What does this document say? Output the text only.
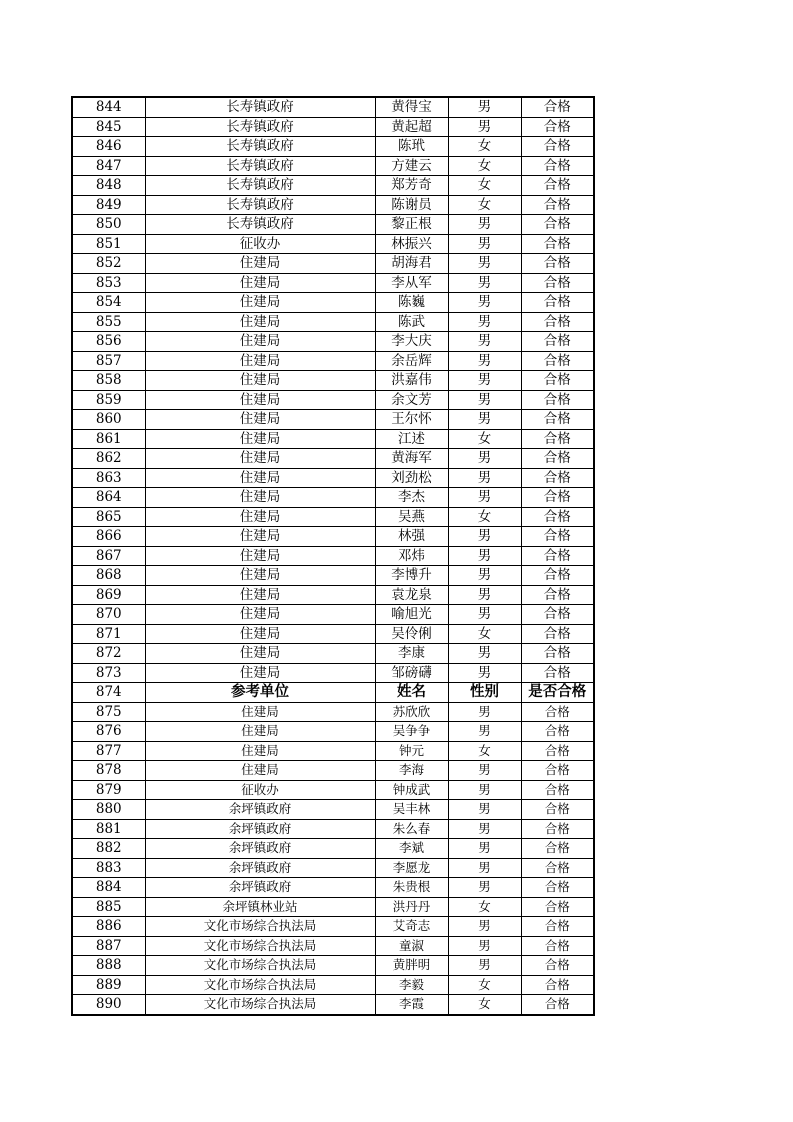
844	长寿镇政府	黄得宝	男	合格
845	长寿镇政府	黄起超	男	合格
846	长寿镇政府	陈玳	女	合格
847	长寿镇政府	方建云	女	合格
848	长寿镇政府	郑芳奇	女	合格
849	长寿镇政府	陈谢员	女	合格
850	长寿镇政府	黎正根	男	合格
851	征收办	林振兴	男	合格
852	住建局	胡海君	男	合格
853	住建局	李从军	男	合格
854	住建局	陈巍	男	合格
855	住建局	陈武	男	合格
856	住建局	李大庆	男	合格
857	住建局	余岳辉	男	合格
858	住建局	洪嘉伟	男	合格
859	住建局	余文芳	男	合格
860	住建局	王尔怀	男	合格
861	住建局	江述	女	合格
862	住建局	黄海军	男	合格
863	住建局	刘劲松	男	合格
864	住建局	李杰	男	合格
865	住建局	吴燕	女	合格
866	住建局	林强	男	合格
867	住建局	邓炜	男	合格
868	住建局	李博升	男	合格
869	住建局	袁龙泉	男	合格
870	住建局	喻旭光	男	合格
871	住建局	吴伶俐	女	合格
872	住建局	李康	男	合格
873	住建局	邹磅礴	男	合格
874	参考单位	姓名	性别	是否合格
875	住建局	苏欣欣	男	合格
876	住建局	吴争争	男	合格
877	住建局	钟元	女	合格
878	住建局	李海	男	合格
879	征收办	钟成武	男	合格
880	余坪镇政府	吴丰林	男	合格
881	余坪镇政府	朱么春	男	合格
882	余坪镇政府	李斌	男	合格
883	余坪镇政府	李愿龙	男	合格
884	余坪镇政府	朱贵根	男	合格
885	余坪镇林业站	洪丹丹	女	合格
886	文化市场综合执法局	艾奇志	男	合格
887	文化市场综合执法局	童淑	男	合格
888	文化市场综合执法局	黄胖明	男	合格
889	文化市场综合执法局	李毅	女	合格
890	文化市场综合执法局	李霞	女	合格
